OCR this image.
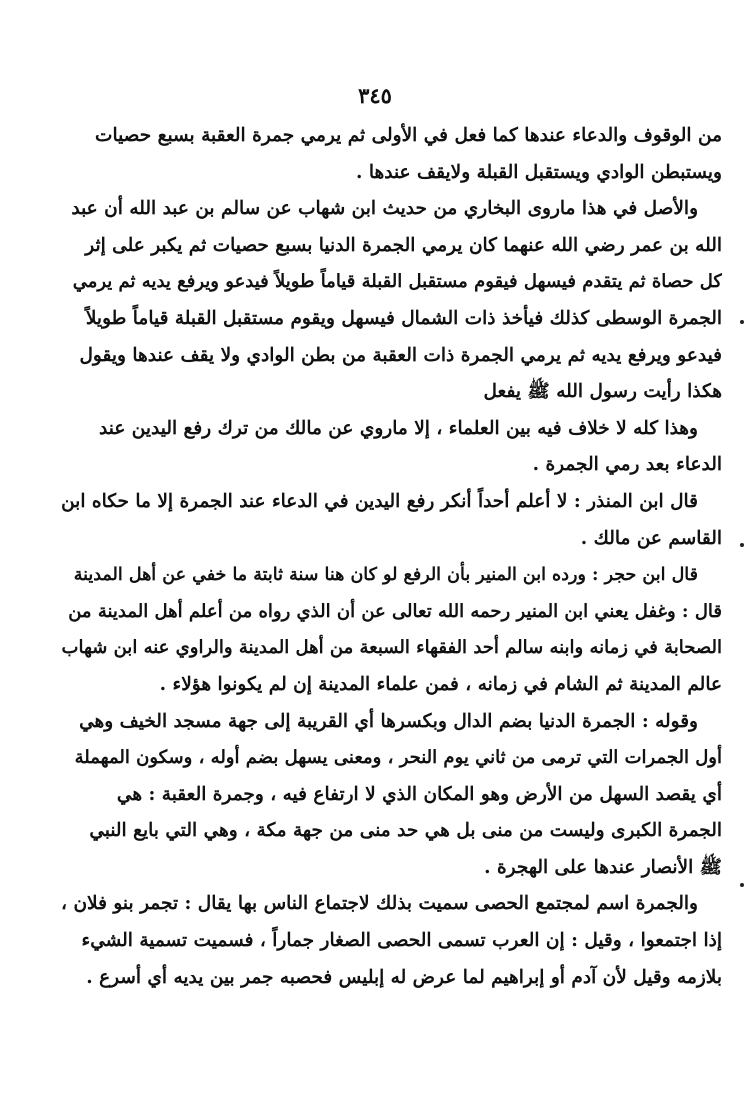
٣٤٥
من الوقوف والدعاء عندها كما فعل في الأولى ثم يرمي جمرة العقبة بسبع حصيات
ويستبطن الوادي ويستقبل القبلة ولايقف عندها .
والأصل في هذا ماروى البخاري من حديث ابن شهاب عن سالم بن عبد الله أن عبد
الله بن عمر رضي الله عنهما كان يرمي الجمرة الدنيا بسبع حصيات ثم يكبر على إثر
كل حصاة ثم يتقدم فيسهل فيقوم مستقبل القبلة قياماً طويلاً فيدعو ويرفع يديه ثم يرمي
الجمرة الوسطى كذلك فيأخذ ذات الشمال فيسهل ويقوم مستقبل القبلة قياماً طويلاً
فيدعو ويرفع يديه ثم يرمي الجمرة ذات العقبة من بطن الوادي ولا يقف عندها ويقول
هكذا رأيت رسول الله ﷺ يفعل
وهذا كله لا خلاف فيه بين العلماء ، إلا ماروي عن مالك من ترك رفع اليدين عند
الدعاء بعد رمي الجمرة .
قال ابن المنذر : لا أعلم أحداً أنكر رفع اليدين في الدعاء عند الجمرة إلا ما حكاه ابن
القاسم عن مالك .
قال ابن حجر : ورده ابن المنير بأن الرفع لو كان هنا سنة ثابتة ما خفي عن أهل المدينة
قال : وغفل يعني ابن المنير رحمه الله تعالى عن أن الذي رواه من أعلم أهل المدينة من
الصحابة في زمانه وابنه سالم أحد الفقهاء السبعة من أهل المدينة والراوي عنه ابن شهاب
عالم المدينة ثم الشام في زمانه ، فمن علماء المدينة إن لم يكونوا هؤلاء .
وقوله : الجمرة الدنيا بضم الدال وبكسرها أي القريبة إلى جهة مسجد الخيف وهي
أول الجمرات التي ترمى من ثاني يوم النحر ، ومعنى يسهل بضم أوله ، وسكون المهملة
أي يقصد السهل من الأرض وهو المكان الذي لا ارتفاع فيه ، وجمرة العقبة : هي
الجمرة الكبرى وليست من منى بل هي حد منى من جهة مكة ، وهي التي بايع النبي
ﷺ الأنصار عندها على الهجرة .
والجمرة اسم لمجتمع الحصى سميت بذلك لاجتماع الناس بها يقال : تجمر بنو فلان ،
إذا اجتمعوا ، وقيل : إن العرب تسمى الحصى الصغار جماراً ، فسميت تسمية الشيء
بلازمه وقيل لأن آدم أو إبراهيم لما عرض له إبليس فحصبه جمر بين يديه أي أسرع .
